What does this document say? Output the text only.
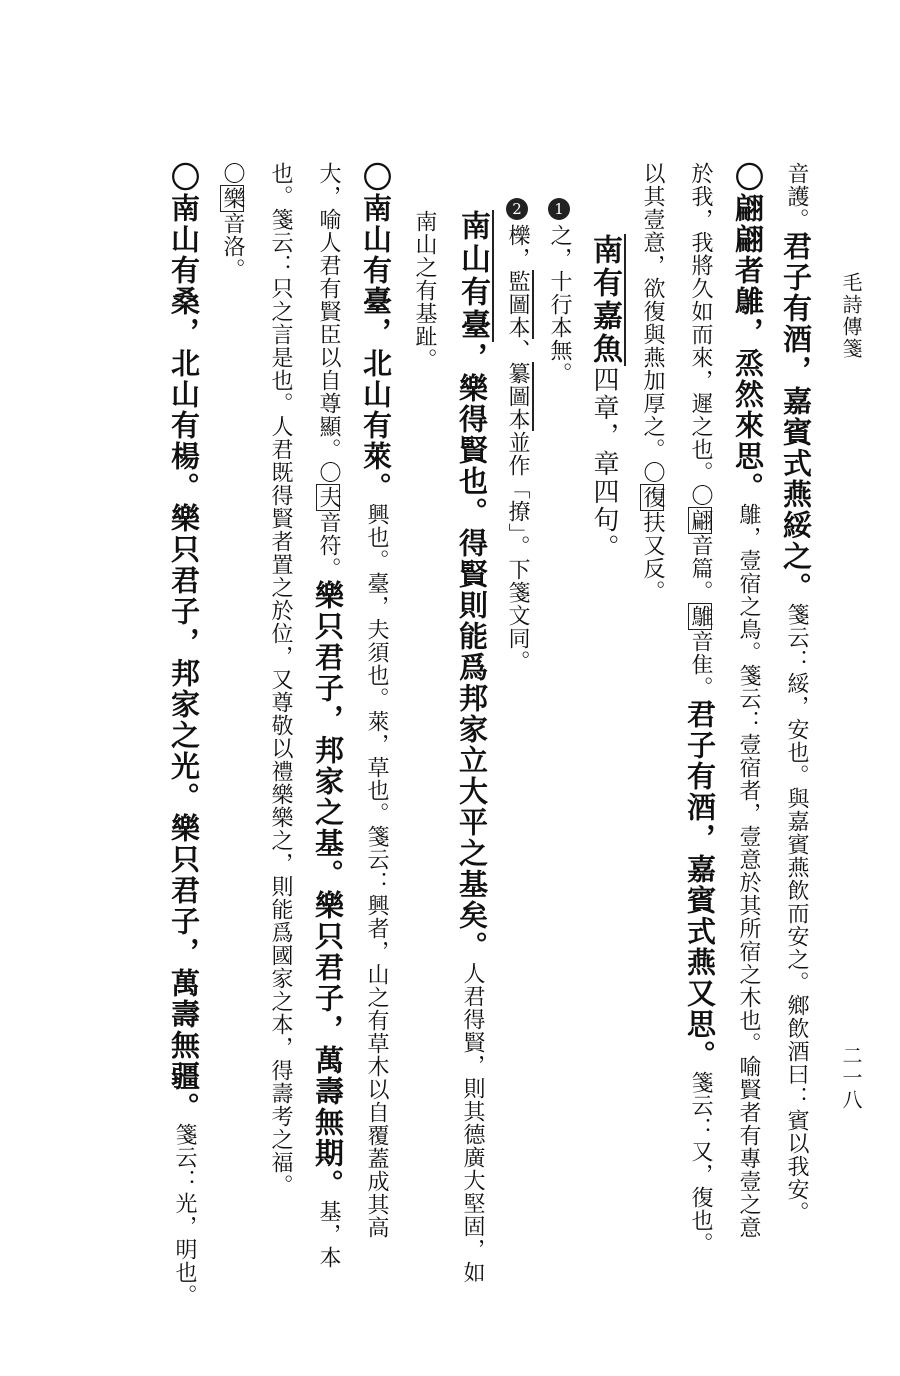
毛詩傳箋
二一八
音護。君子有酒，嘉賓式燕綏之。箋云：綏，安也。與嘉賓燕飲而安之。鄉飲酒曰：賓以我安。
〇翩翩者鵻，烝然來思。鵻，壹宿之鳥。箋云：壹宿者，壹意於其所宿之木也。喻賢者有專壹之意
於我，我將久如而來，遲之也。〇翩音篇。鵻音隹。君子有酒，嘉賓式燕又思。箋云：又，復也。
以其壹意，欲復與燕加厚之。〇復扶又反。
南有嘉魚四章，章四句。
1之，十行本無。
2櫟，監圖本、纂圖本並作「撩」。下箋文同。
南山有臺，樂得賢也。得賢則能爲邦家立大平之基矣。人君得賢，則其德廣大堅固，如
南山之有基趾。
〇南山有臺，北山有萊。興也。臺，夫須也。萊，草也。箋云：興者，山之有草木以自覆蓋成其高
大，喻人君有賢臣以自尊顯。〇夫音符。樂只君子，邦家之基。樂只君子，萬壽無期。基，本
也。箋云：只之言是也。人君既得賢者置之於位，又尊敬以禮樂樂之，則能爲國家之本，得壽考之福。
〇樂音洛。
〇南山有桑，北山有楊。樂只君子，邦家之光。樂只君子，萬壽無疆。箋云：光，明也。
